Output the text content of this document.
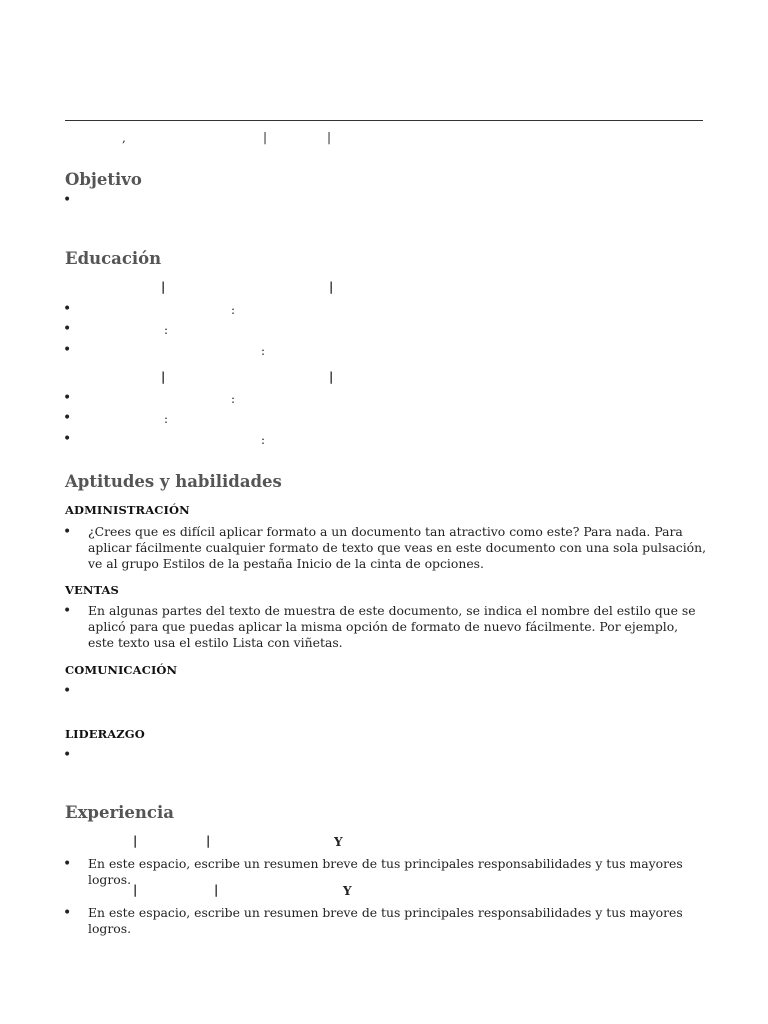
,	|	|
Objetivo
•
Educación
|	|
•	:
•	:
•	:
|	|
•	:
•	:
•	:
Aptitudes y habilidades
ADMINISTRACIÓN
• ¿Crees que es difícil aplicar formato a un documento tan atractivo como este? Para nada. Para aplicar fácilmente cualquier formato de texto que veas en este documento con una sola pulsación, ve al grupo Estilos de la pestaña Inicio de la cinta de opciones.
VENTAS
• En algunas partes del texto de muestra de este documento, se indica el nombre del estilo que se aplicó para que puedas aplicar la misma opción de formato de nuevo fácilmente. Por ejemplo, este texto usa el estilo Lista con viñetas.
COMUNICACIÓN
•
LIDERAZGO
•
Experiencia
|	|	Y
• En este espacio, escribe un resumen breve de tus principales responsabilidades y tus mayores logros.
|	|	Y
• En este espacio, escribe un resumen breve de tus principales responsabilidades y tus mayores logros.
